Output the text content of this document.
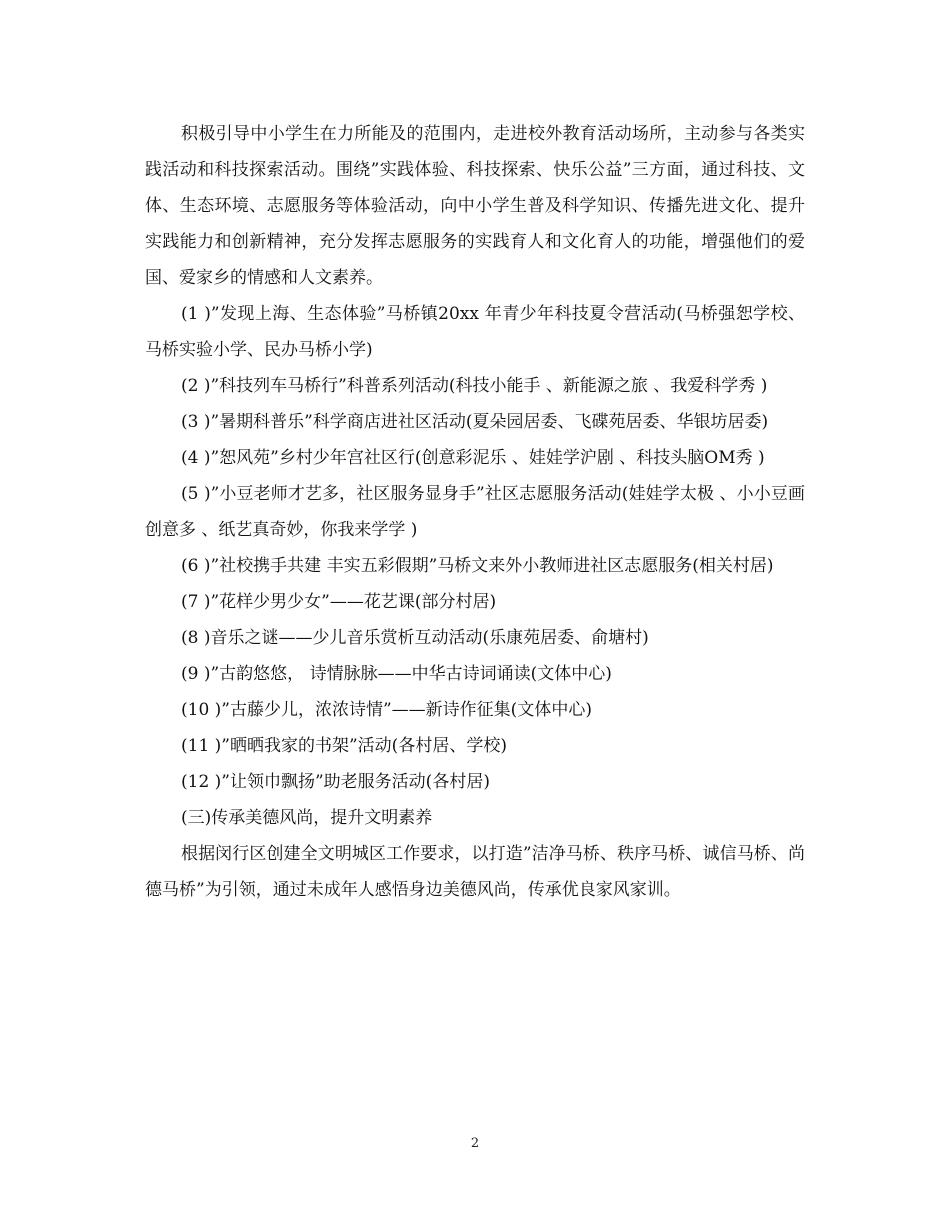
积极引导中小学生在力所能及的范围内，走进校外教育活动场所，主动参与各类实践活动和科技探索活动。围绕”实践体验、科技探索、快乐公益”三方面，通过科技、文体、生态环境、志愿服务等体验活动，向中小学生普及科学知识、传播先进文化、提升实践能力和创新精神，充分发挥志愿服务的实践育人和文化育人的功能，增强他们的爱国、爱家乡的情感和人文素养。

(1 )”发现上海、生态体验”马桥镇20xx 年青少年科技夏令营活动(马桥强恕学校、马桥实验小学、民办马桥小学)

(2 )”科技列车马桥行”科普系列活动(科技小能手 、新能源之旅 、我爱科学秀 )

(3 )”暑期科普乐”科学商店进社区活动(夏朵园居委、飞碟苑居委、华银坊居委)

(4 )”恕风苑”乡村少年宫社区行(创意彩泥乐 、娃娃学沪剧 、科技头脑OM秀 )

(5 )”小豆老师才艺多，社区服务显身手”社区志愿服务活动(娃娃学太极 、小小豆画创意多 、纸艺真奇妙，你我来学学 )

(6 )”社校携手共建 丰实五彩假期”马桥文来外小教师进社区志愿服务(相关村居)

(7 )”花样少男少女”——花艺课(部分村居)

(8 )音乐之谜——少儿音乐赏析互动活动(乐康苑居委、俞塘村)

(9 )”古韵悠悠， 诗情脉脉——中华古诗词诵读(文体中心)

(10 )”古藤少儿，浓浓诗情”——新诗作征集(文体中心)

(11 )”晒晒我家的书架”活动(各村居、学校)

(12 )”让领巾飘扬”助老服务活动(各村居)

(三)传承美德风尚，提升文明素养

根据闵行区创建全文明城区工作要求，以打造”洁净马桥、秩序马桥、诚信马桥、尚德马桥”为引领，通过未成年人感悟身边美德风尚，传承优良家风家训。

2
